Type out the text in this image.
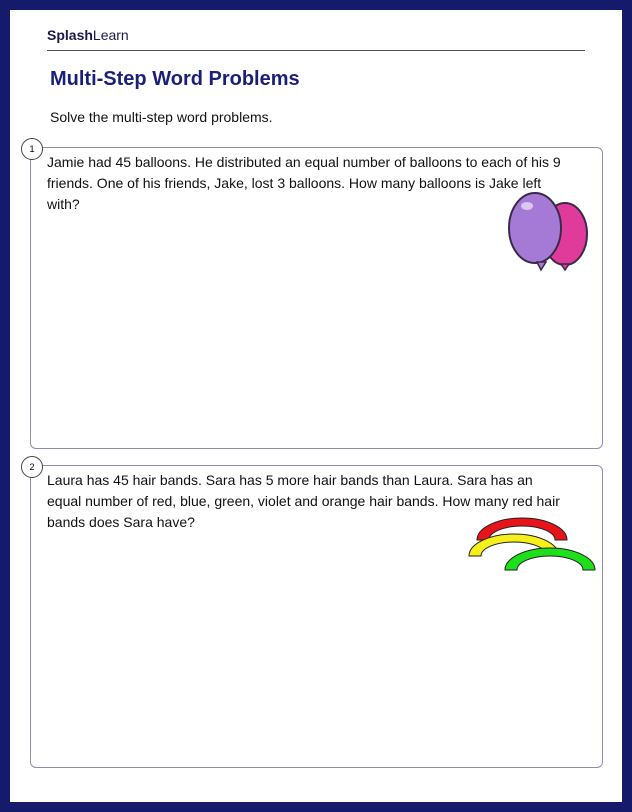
SplashLearn
Multi-Step Word Problems
Solve the multi-step word problems.
1
Jamie had 45 balloons. He distributed an equal number of balloons to each of his 9 friends. One of his friends, Jake, lost 3 balloons. How many balloons is Jake left with?
2
Laura has 45 hair bands. Sara has 5 more hair bands than Laura. Sara has an equal number of red, blue, green, violet and orange hair bands. How many red hair bands does Sara have?
